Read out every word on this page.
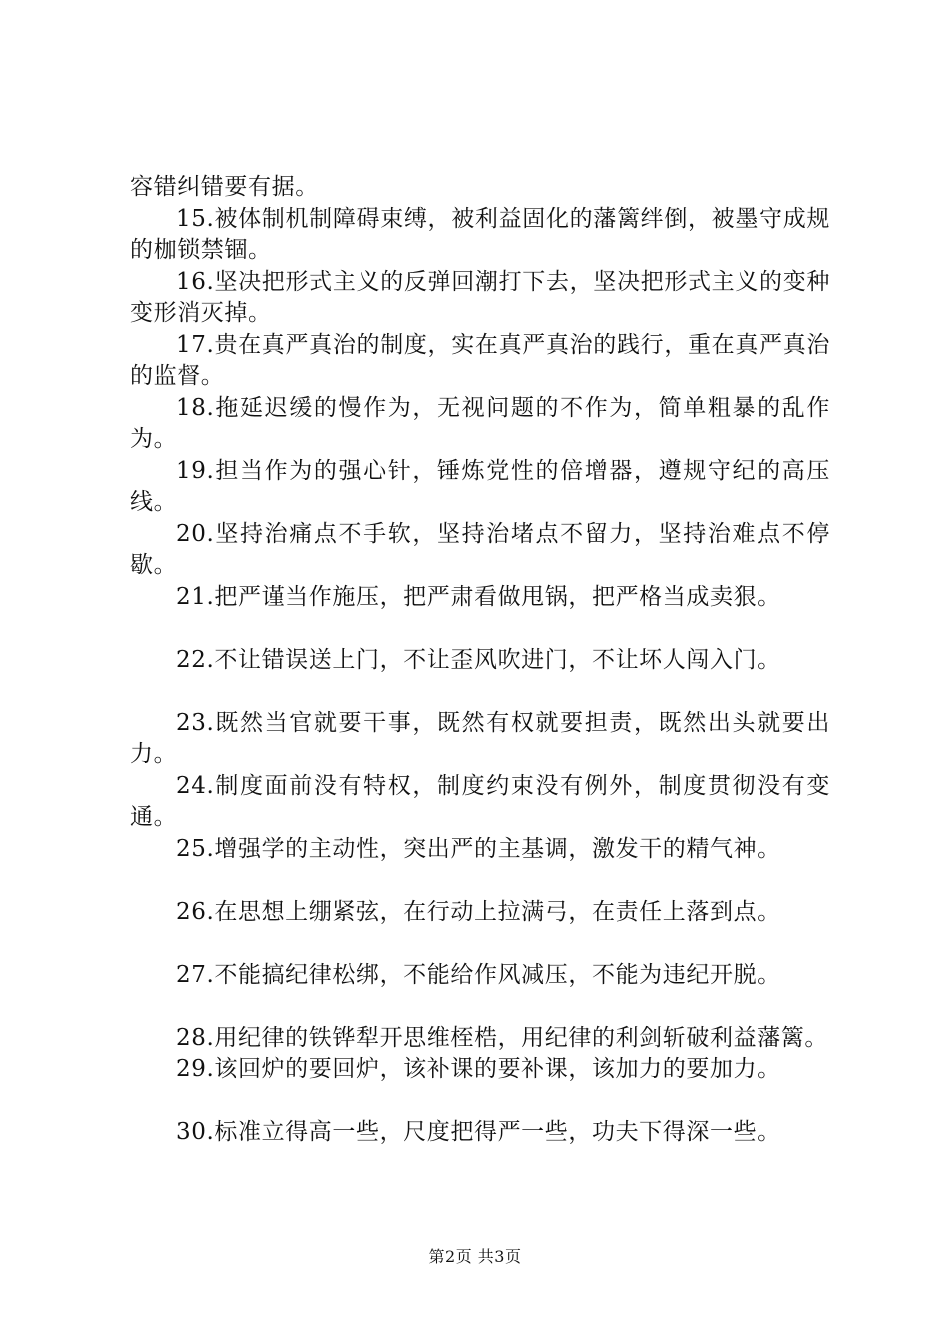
容错纠错要有据。

15.被体制机制障碍束缚，被利益固化的藩篱绊倒，被墨守成规的枷锁禁锢。

16.坚决把形式主义的反弹回潮打下去，坚决把形式主义的变种变形消灭掉。

17.贵在真严真治的制度，实在真严真治的践行，重在真严真治的监督。

18.拖延迟缓的慢作为，无视问题的不作为，简单粗暴的乱作为。

19.担当作为的强心针，锤炼党性的倍增器，遵规守纪的高压线。

20.坚持治痛点不手软，坚持治堵点不留力，坚持治难点不停歇。

21.把严谨当作施压，把严肃看做甩锅，把严格当成卖狠。

22.不让错误送上门，不让歪风吹进门，不让坏人闯入门。

23.既然当官就要干事，既然有权就要担责，既然出头就要出力。

24.制度面前没有特权，制度约束没有例外，制度贯彻没有变通。

25.增强学的主动性，突出严的主基调，激发干的精气神。

26.在思想上绷紧弦，在行动上拉满弓，在责任上落到点。

27.不能搞纪律松绑，不能给作风减压，不能为违纪开脱。

28.用纪律的铁铧犁开思维桎梏，用纪律的利剑斩破利益藩篱。

29.该回炉的要回炉，该补课的要补课，该加力的要加力。

30.标准立得高一些，尺度把得严一些，功夫下得深一些。

第2页 共3页
